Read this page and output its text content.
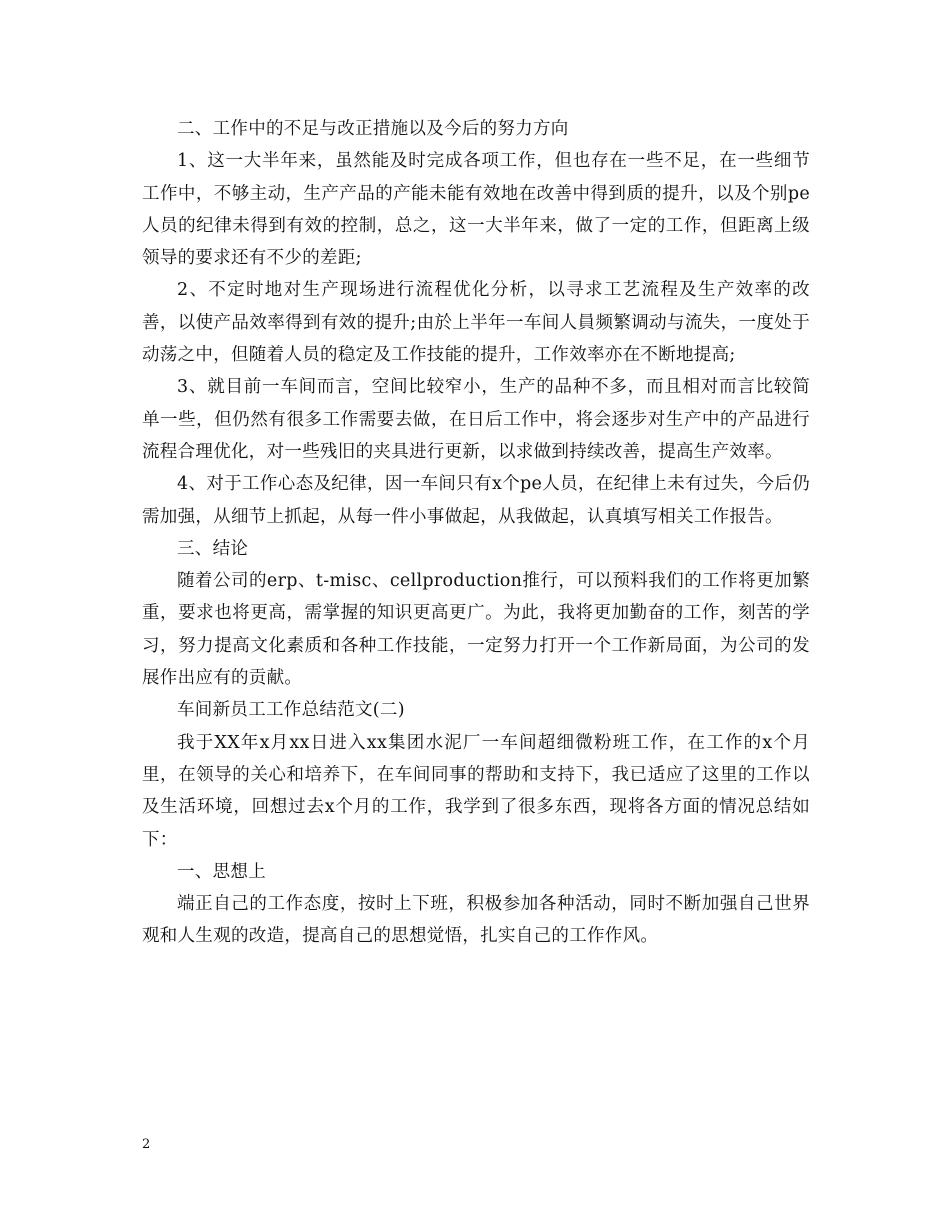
二、工作中的不足与改正措施以及今后的努力方向

1、这一大半年来，虽然能及时完成各项工作，但也存在一些不足，在一些细节工作中，不够主动，生产产品的产能未能有效地在改善中得到质的提升，以及个别pe人员的纪律未得到有效的控制，总之，这一大半年来，做了一定的工作，但距离上级领导的要求还有不少的差距;

2、不定时地对生产现场进行流程优化分析，以寻求工艺流程及生产效率的改善，以使产品效率得到有效的提升;由於上半年一车间人員频繁调动与流失，一度处于动荡之中，但随着人员的稳定及工作技能的提升，工作效率亦在不断地提高;

3、就目前一车间而言，空间比较窄小，生产的品种不多，而且相对而言比较简单一些，但仍然有很多工作需要去做，在日后工作中，将会逐步对生产中的产品进行流程合理优化，对一些残旧的夹具进行更新，以求做到持续改善，提高生产效率。

4、对于工作心态及纪律，因一车间只有x个pe人员，在纪律上未有过失，今后仍需加强，从细节上抓起，从每一件小事做起，从我做起，认真填写相关工作报告。

三、结论

随着公司的erp、t-misc、cellproduction推行，可以预料我们的工作将更加繁重，要求也将更高，需掌握的知识更高更广。为此，我将更加勤奋的工作，刻苦的学习，努力提高文化素质和各种工作技能，一定努力打开一个工作新局面，为公司的发展作出应有的贡献。

车间新员工工作总结范文(二)

我于XX年x月xx日进入xx集团水泥厂一车间超细微粉班工作，在工作的x个月里，在领导的关心和培养下，在车间同事的帮助和支持下，我已适应了这里的工作以及生活环境，回想过去x个月的工作，我学到了很多东西，现将各方面的情况总结如下：

一、思想上

端正自己的工作态度，按时上下班，积极参加各种活动，同时不断加强自己世界观和人生观的改造，提高自己的思想觉悟，扎实自己的工作作风。

2
